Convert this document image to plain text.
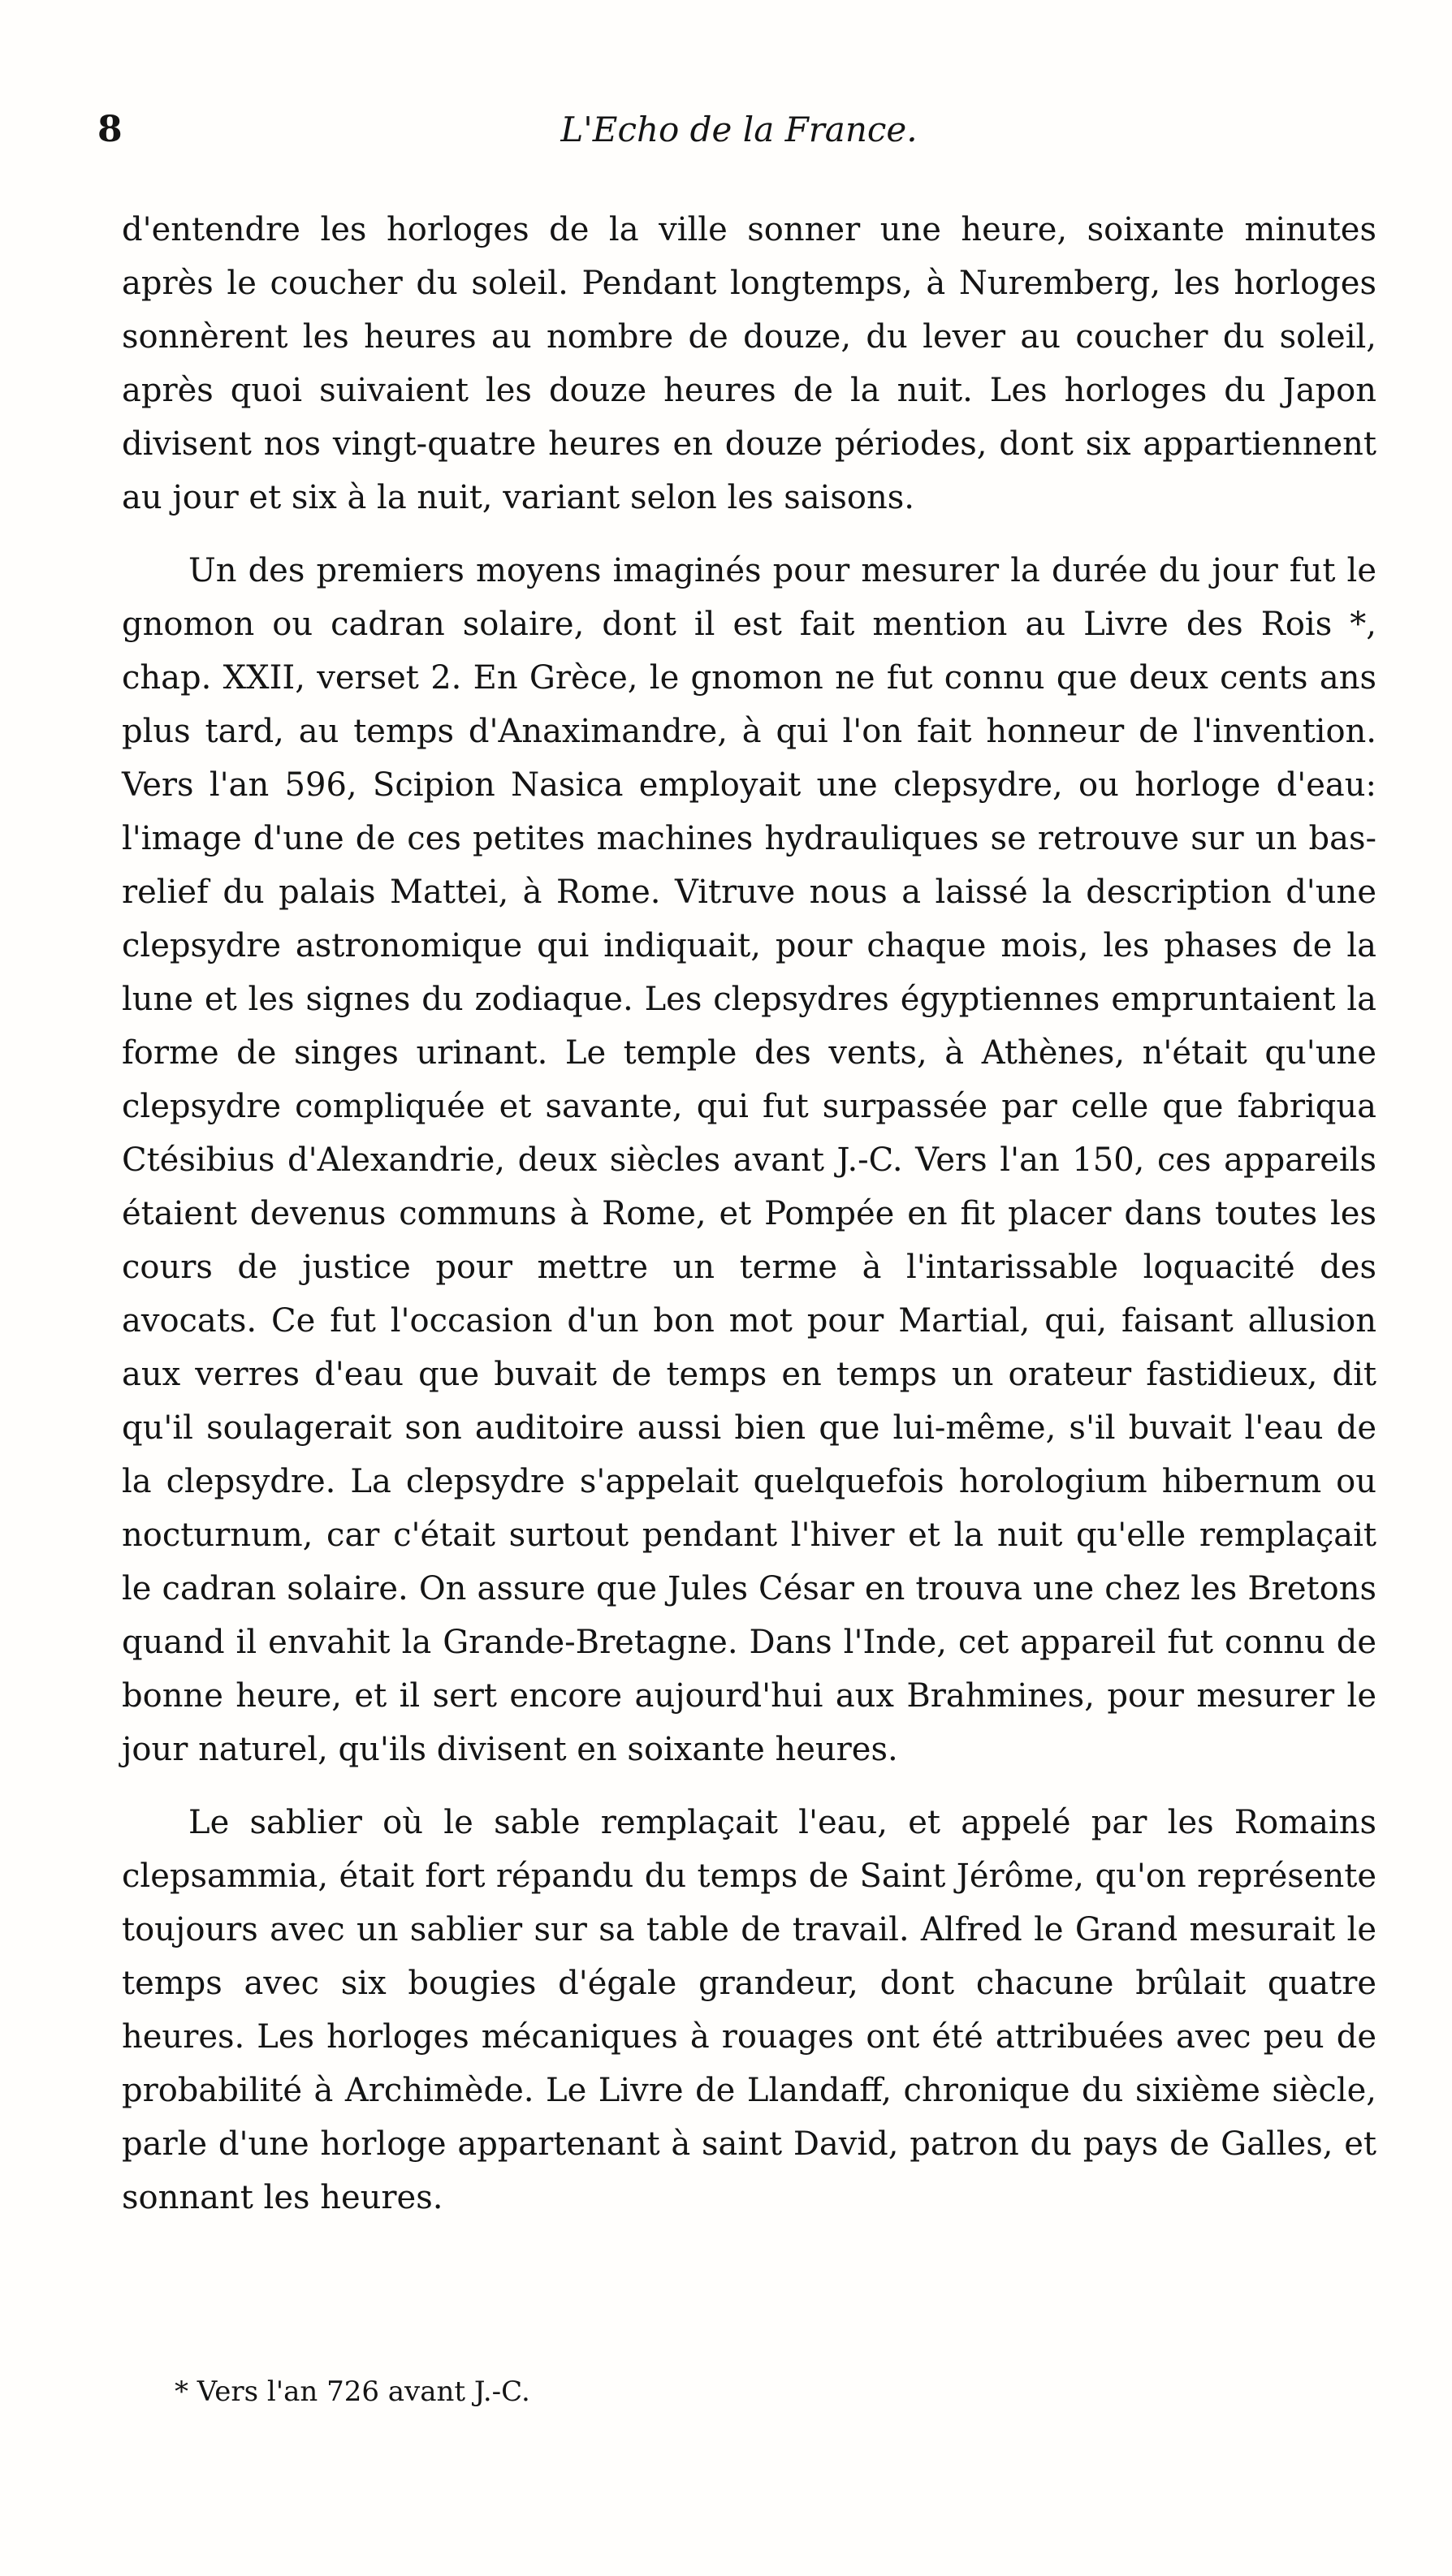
8	L'Echo de la France.

d'entendre les horloges de la ville sonner une heure, soixante minutes après le coucher du soleil. Pendant longtemps, à Nuremberg, les horloges sonnèrent les heures au nombre de douze, du lever au coucher du soleil, après quoi suivaient les douze heures de la nuit. Les horloges du Japon divisent nos vingt-quatre heures en douze périodes, dont six appartiennent au jour et six à la nuit, variant selon les saisons.

Un des premiers moyens imaginés pour mesurer la durée du jour fut le gnomon ou cadran solaire, dont il est fait mention au Livre des Rois *, chap. XXII, verset 2. En Grèce, le gnomon ne fut connu que deux cents ans plus tard, au temps d'Anaximandre, à qui l'on fait honneur de l'invention. Vers l'an 596, Scipion Nasica employait une clepsydre, ou horloge d'eau: l'image d'une de ces petites machines hydrauliques se retrouve sur un bas-relief du palais Mattei, à Rome. Vitruve nous a laissé la description d'une clepsydre astronomique qui indiquait, pour chaque mois, les phases de la lune et les signes du zodiaque. Les clepsydres égyptiennes empruntaient la forme de singes urinant. Le temple des vents, à Athènes, n'était qu'une clepsydre compliquée et savante, qui fut surpassée par celle que fabriqua Ctésibius d'Alexandrie, deux siècles avant J.-C. Vers l'an 150, ces appareils étaient devenus communs à Rome, et Pompée en fit placer dans toutes les cours de justice pour mettre un terme à l'intarissable loquacité des avocats. Ce fut l'occasion d'un bon mot pour Martial, qui, faisant allusion aux verres d'eau que buvait de temps en temps un orateur fastidieux, dit qu'il soulagerait son auditoire aussi bien que lui-même, s'il buvait l'eau de la clepsydre. La clepsydre s'appelait quelquefois horologium hibernum ou nocturnum, car c'était surtout pendant l'hiver et la nuit qu'elle remplaçait le cadran solaire. On assure que Jules César en trouva une chez les Bretons quand il envahit la Grande-Bretagne. Dans l'Inde, cet appareil fut connu de bonne heure, et il sert encore aujourd'hui aux Brahmines, pour mesurer le jour naturel, qu'ils divisent en soixante heures.

Le sablier où le sable remplaçait l'eau, et appelé par les Romains clepsammia, était fort répandu du temps de Saint Jérôme, qu'on représente toujours avec un sablier sur sa table de travail. Alfred le Grand mesurait le temps avec six bougies d'égale grandeur, dont chacune brûlait quatre heures. Les horloges mécaniques à rouages ont été attribuées avec peu de probabilité à Archimède. Le Livre de Llandaff, chronique du sixième siècle, parle d'une horloge appartenant à saint David, patron du pays de Galles, et sonnant les heures.

* Vers l'an 726 avant J.-C.
